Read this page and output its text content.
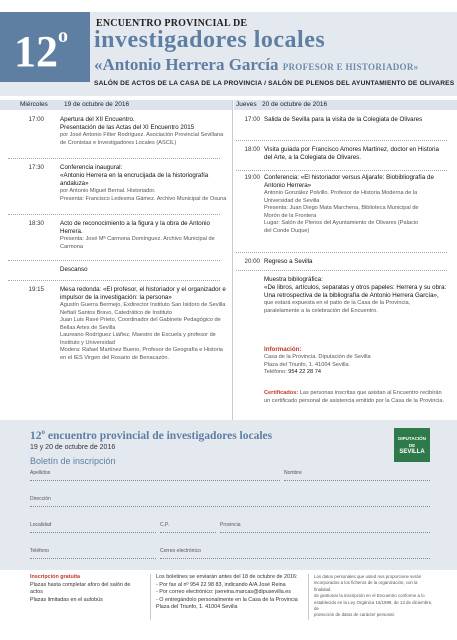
12$^o$
ENCUENTRO PROVINCIAL DE
investigadores locales
«Antonio Herrera García PROFESOR E HISTORIADOR»
SALÓN DE ACTOS DE LA CASA DE LA PROVINCIA / SALÓN DE PLENOS DEL AYUNTAMIENTO DE OLIVARES
Miércoles 19 de octubre de 2016
17:00	Apertura del XII Encuentro.
Presentación de las Actas del XI Encuentro 2015
por José Antonio Fílter Rodríguez. Asociación Provincial Sevillana
de Cronistas e Investigadores Locales (ASCIL)
17:30	Conferencia inaugural:
«Antonio Herrera en la encrucijada de la historiografía andaluza»
por Antonio Miguel Bernal. Historiador.
Presenta: Francisco Ledesma Gámez. Archivo Municipal de Osuna
18:30	Acto de reconocimiento a la figura y la obra de Antonio Herrera.
Presenta: José Mª Carmona Domínguez. Archivo Municipal de
Carmona
Descanso
19:15	Mesa redonda: «El profesor, el historiador y el organizador e impulsor de la investigación: la persona»
Agustín Guerra Bermejo, Exdirector Instituto San Isidoro de Sevilla
Neftalí Santos Bravo, Catedrático de Instituto
Juan Luis Ravé Prieto, Coordinador del Gabinete Pedagógico de
Bellas Artes de Sevilla
Laureano Rodríguez Liáñez, Maestro de Escuela y profesor de
Instituto y Universidad
Modera: Rafael Martínez Bueno, Profesor de Geografía e Historia
en el IES Virgen del Rosario de Benacazón.
Jueves 20 de octubre de 2016
17:00 Salida de Sevilla para la visita de la Colegiata de Olivares
18:00 Visita guiada por Francisco Amores Martínez, doctor en Historia del Arte, a la Colegiata de Olivares.
19:00 Conferencia: «El historiador versus Aljarafe: Biobibliografía de Antonio Herrera»
Antonio González Polvillo. Profesor de Historia Moderna de la
Universidad de Sevilla
Presenta: Juan Diego Mata Marchena, Biblioteca Municipal de
Morón de la Frontera
Lugar: Salón de Plenos del Ayuntamiento de Olivares (Palacio
del Conde Duque)
20:00 Regreso a Sevilla
Muestra bibliográfica:
«De libros, artículos, separatas y otros papeles: Herrera y su obra: Una retrospectiva de la bibliografía de Antonio Herrera García»,
que estará expuesta en el patio de la Casa de la Provincia, paralelamente a la celebración del Encuentro.
Información:
Casa de la Provincia. Diputación de Sevilla
Plaza del Triunfo, 1. 41004 Sevilla
Teléfono: 954 22 28 74
Certificados: Las personas inscritas que asistan al Encuentro recibirán un certificado personal de asistencia emitido por la Casa de la Provincia.
12$^o$ encuentro provincial de investigadores locales
19 y 20 de octubre de 2016
Boletín de inscripción
DIPUTACIÓN
DE
SEVILLA
Apellidos	Nombre
Dirección
Localidad	C.P.	Provincia
Teléfono	Correo electrónico
Inscripción gratuita
Plazas hasta completar aforo del salón de actos
Plazas limitadas en el autobús
Los boletines se enviarán antes del 18 de octubre de 2016:
- Por fax al nº 954 22 98 83, indicando A/A José Reina
- Por correo electrónico: jsereina.marcas@dipusevilla.es
- O entregándolo personalmente en la Casa de la Provincia
Plaza del Triunfo, 1. 41004 Sevilla
Los datos personales que usted nos proporcione serán
incorporados a los ficheros de la organización, con la finalidad
de gestionar la inscripción en el Encuentro conforme a lo
establecido en la Ley Orgánica 15/1999, de 13 de diciembre, de
protección de datos de carácter personal.
